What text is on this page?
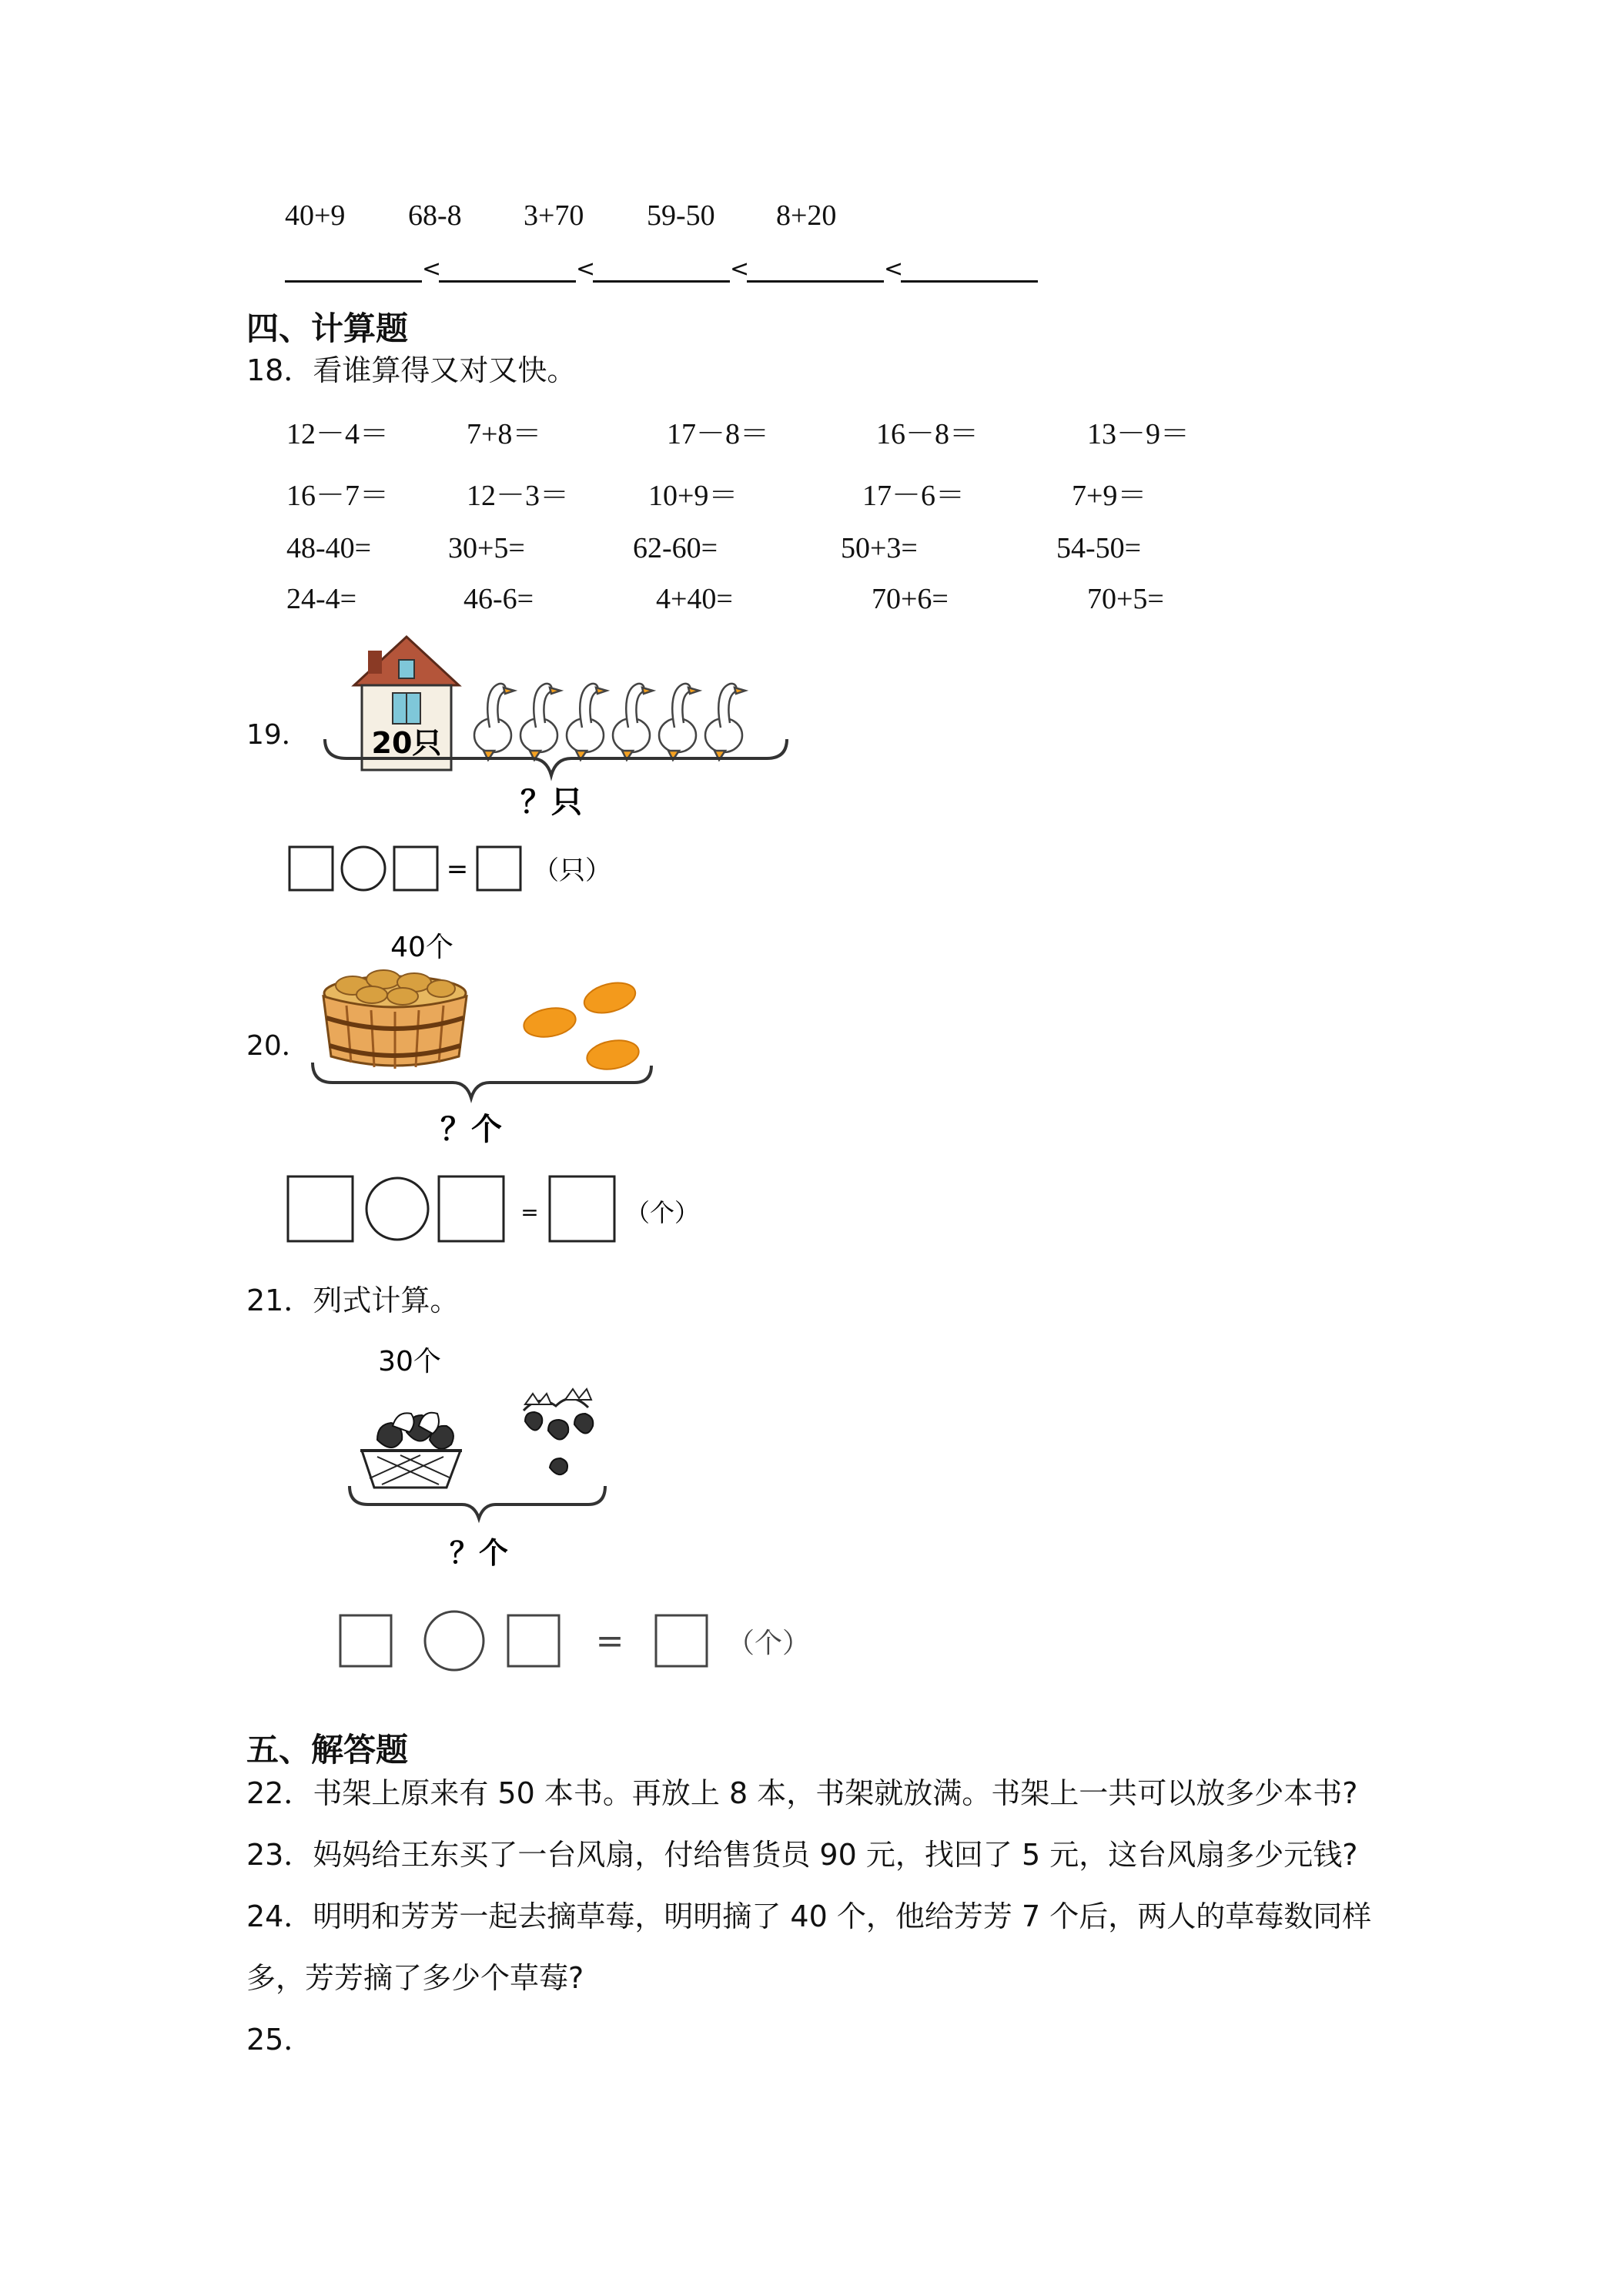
40+9 68-8 3+70 59-50 8+20
<	<	<	<
四、计算题
18．看谁算得又对又快。
12－4＝	7+8＝	17－8＝	16－8＝	13－9＝
16－7＝	12－3＝	10+9＝	17－6＝	7+9＝
48-40=	30+5=	62-60=	50+3=	54-50=
24-4=	46-6=	4+40=	70+6=	70+5=
19． 20只
？只
= （只）
20．
40个
？个
=	（个）
21．列式计算。
30个
？个
=	（个）
五、解答题
22．书架上原来有 50 本书。再放上 8 本，书架就放满。书架上一共可以放多少本书?
23．妈妈给王东买了一台风扇，付给售货员 90 元，找回了 5 元，这台风扇多少元钱?
24．明明和芳芳一起去摘草莓，明明摘了 40 个，他给芳芳 7 个后，两人的草莓数同样
多，芳芳摘了多少个草莓?
25．
